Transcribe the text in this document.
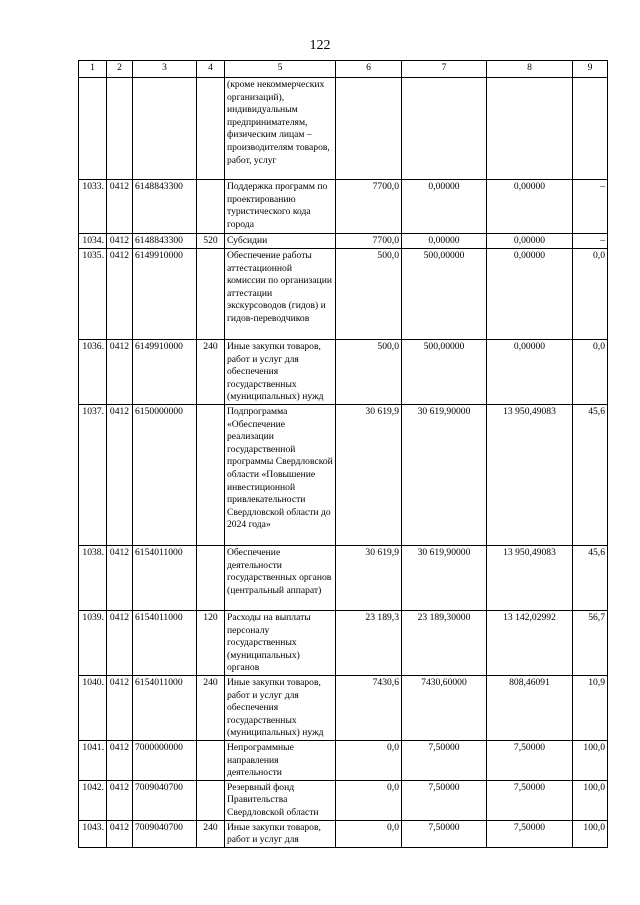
122
1	2	3	4	5	6	7	8	9
				(кроме некоммерческих организаций), индивидуальным предпринимателям, физическим лицам – производителям товаров, работ, услуг				
1033.	0412	6148843300		Поддержка программ по проектированию туристического кода города	7700,0	0,00000	0,00000	–
1034.	0412	6148843300	520	Субсидии	7700,0	0,00000	0,00000	–
1035.	0412	6149910000		Обеспечение работы аттестационной комиссии по организации аттестации экскурсоводов (гидов) и гидов-переводчиков	500,0	500,00000	0,00000	0,0
1036.	0412	6149910000	240	Иные закупки товаров, работ и услуг для обеспечения государственных (муниципальных) нужд	500,0	500,00000	0,00000	0,0
1037.	0412	6150000000		Подпрограмма «Обеспечение реализации государственной программы Свердловской области «Повышение инвестиционной привлекательности Свердловской области до 2024 года»	30 619,9	30 619,90000	13 950,49083	45,6
1038.	0412	6154011000		Обеспечение деятельности государственных органов (центральный аппарат)	30 619,9	30 619,90000	13 950,49083	45,6
1039.	0412	6154011000	120	Расходы на выплаты персоналу государственных (муниципальных) органов	23 189,3	23 189,30000	13 142,02992	56,7
1040.	0412	6154011000	240	Иные закупки товаров, работ и услуг для обеспечения государственных (муниципальных) нужд	7430,6	7430,60000	808,46091	10,9
1041.	0412	7000000000		Непрограммные направления деятельности	0,0	7,50000	7,50000	100,0
1042.	0412	7009040700		Резервный фонд Правительства Свердловской области	0,0	7,50000	7,50000	100,0
1043.	0412	7009040700	240	Иные закупки товаров, работ и услуг для	0,0	7,50000	7,50000	100,0
